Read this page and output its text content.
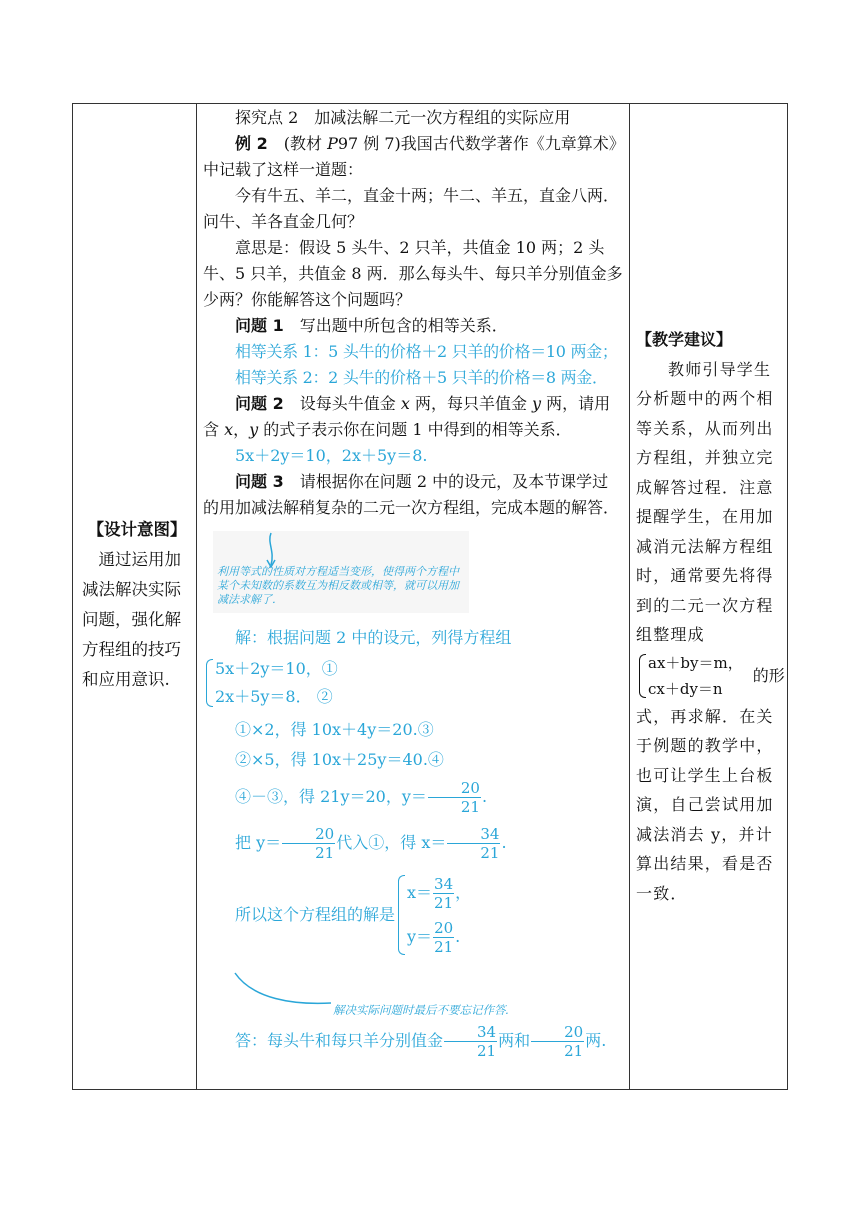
【设计意图】
通过运用加减法解决实际问题，强化解方程组的技巧和应用意识.

探究点 2　加减法解二元一次方程组的实际应用

例 2　 (教材 P97 例 7)我国古代数学著作《九章算术》中记载了这样一道题：

今有牛五、羊二，直金十两；牛二、羊五，直金八两．问牛、羊各直金几何？

意思是：假设 5 头牛、2 只羊，共值金 10 两；2 头牛、5 只羊，共值金 8 两．那么每头牛、每只羊分别值金多少两？你能解答这个问题吗？

问题 1　 写出题中所包含的相等关系．

相等关系 1：5 头牛的价格＋2 只羊的价格＝10 两金；

相等关系 2：2 头牛的价格＋5 只羊的价格＝8 两金．

问题 2　 设每头牛值金 x 两，每只羊值金 y 两，请用含 x，y 的式子表示你在问题 1 中得到的相等关系．

5x＋2y＝10，2x＋5y＝8.

问题 3　 请根据你在问题 2 中的设元，及本节课学过的用加减法解稍复杂的二元一次方程组，完成本题的解答．

利用等式的性质对方程适当变形，使得两个方程中某个未知数的系数互为相反数或相等，就可以用加减法求解了．

解：根据问题 2 中的设元，列得方程组

5x＋2y＝10，①
2x＋5y＝8． ②

①×2，得 10x＋4y＝20.③

②×5，得 10x＋25y＝40.④

④－③，得 21y＝20，$y= \frac{20}{21}$ .

把 $y= \frac{20}{21}$ 代入①，得 $x= \frac{34}{21}$ .

所以这个方程组的解是
$x= \frac{34}{21}$ ，
$y= \frac{20}{21}$ .
解决实际问题时最后不要忘记作答.

答：每头牛和每只羊分别值金 $\frac{34}{21}$ 两和 $\frac{20}{21}$ 两.

【教学建议】
教师引导学生分析题中的两个相等关系，从而列出方程组，并独立完成解答过程．注意提醒学生，在用加减消元法解方程组时，通常要先将得到的二元一次方程组整理成
ax＋by＝m，
cx＋dy＝n
的形
式，再求解．在关于例题的教学中，也可让学生上台板演，自己尝试用加减法消去 y，并计算出结果，看是否一致．
